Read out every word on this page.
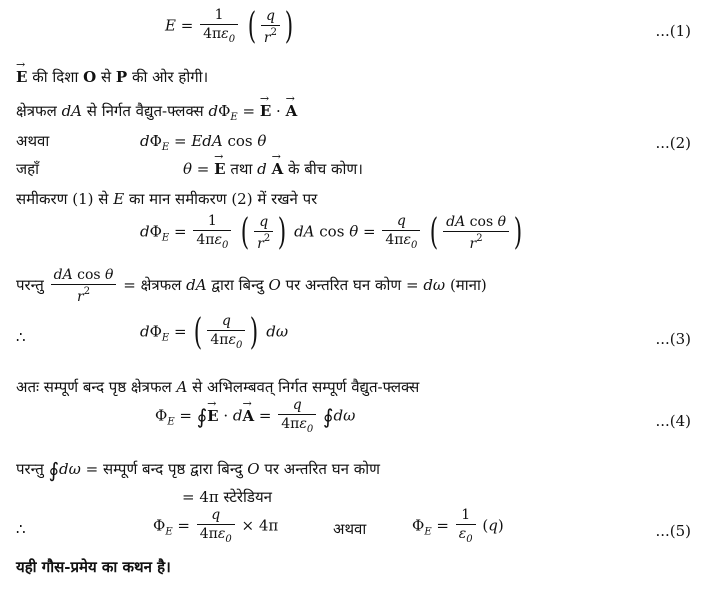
$E = \frac{1}{4\pi\varepsilon_0}$ ( $\frac{q}{r^2}$ )	...(1)
→ E की दिशा O से P की ओर होगी।
क्षेत्रफल dA से निर्गत वैद्युत-फ्लक्स $d\Phi_E$ = → E · → A
अथवा	$d\Phi_E$ = EdA cos θ	...(2)
जहाँ	θ = → E तथा d → A के बीच कोण।
समीकरण (1) से E का मान समीकरण (2) में रखने पर
$d\Phi_E = \frac{1}{4\pi\varepsilon_0}$ ( $\frac{q}{r^2}$ ) dA $\cos \theta = \frac{q}{4\pi\varepsilon_0}$ ( $\frac{\text{dA cos θ}}{r^2}$ )
परन्तु $\frac{\text{dA cos θ}}{r^2}$ = क्षेत्रफल dA द्वारा बिन्दु O पर अन्तरित घन कोण = dω (माना)
∴	$d\Phi_E$ = ( $\frac{q}{4\pi\varepsilon_0}$ ) dω	...(3)
अतः सम्पूर्ण बन्द पृष्ठ क्षेत्रफल A से अभिलम्बवत् निर्गत सम्पूर्ण वैद्युत-फ्लक्स
$\Phi_E$ = ∮→ $E \cdot d\to A = \frac{q}{4\pi\varepsilon_0}$ ∮dω	...(4)
परन्तु ∮dω = सम्पूर्ण बन्द पृष्ठ द्वारा बिन्दु O पर अन्तरित घन कोण
= 4π स्टेरेडियन
∴	$\Phi_E = \frac{q}{4\pi\varepsilon_0} \times 4\pi$	अथवा	$\Phi_E = \frac{1}{\varepsilon_0} (q)$	...(5)
यही गौस-प्रमेय का कथन है।
